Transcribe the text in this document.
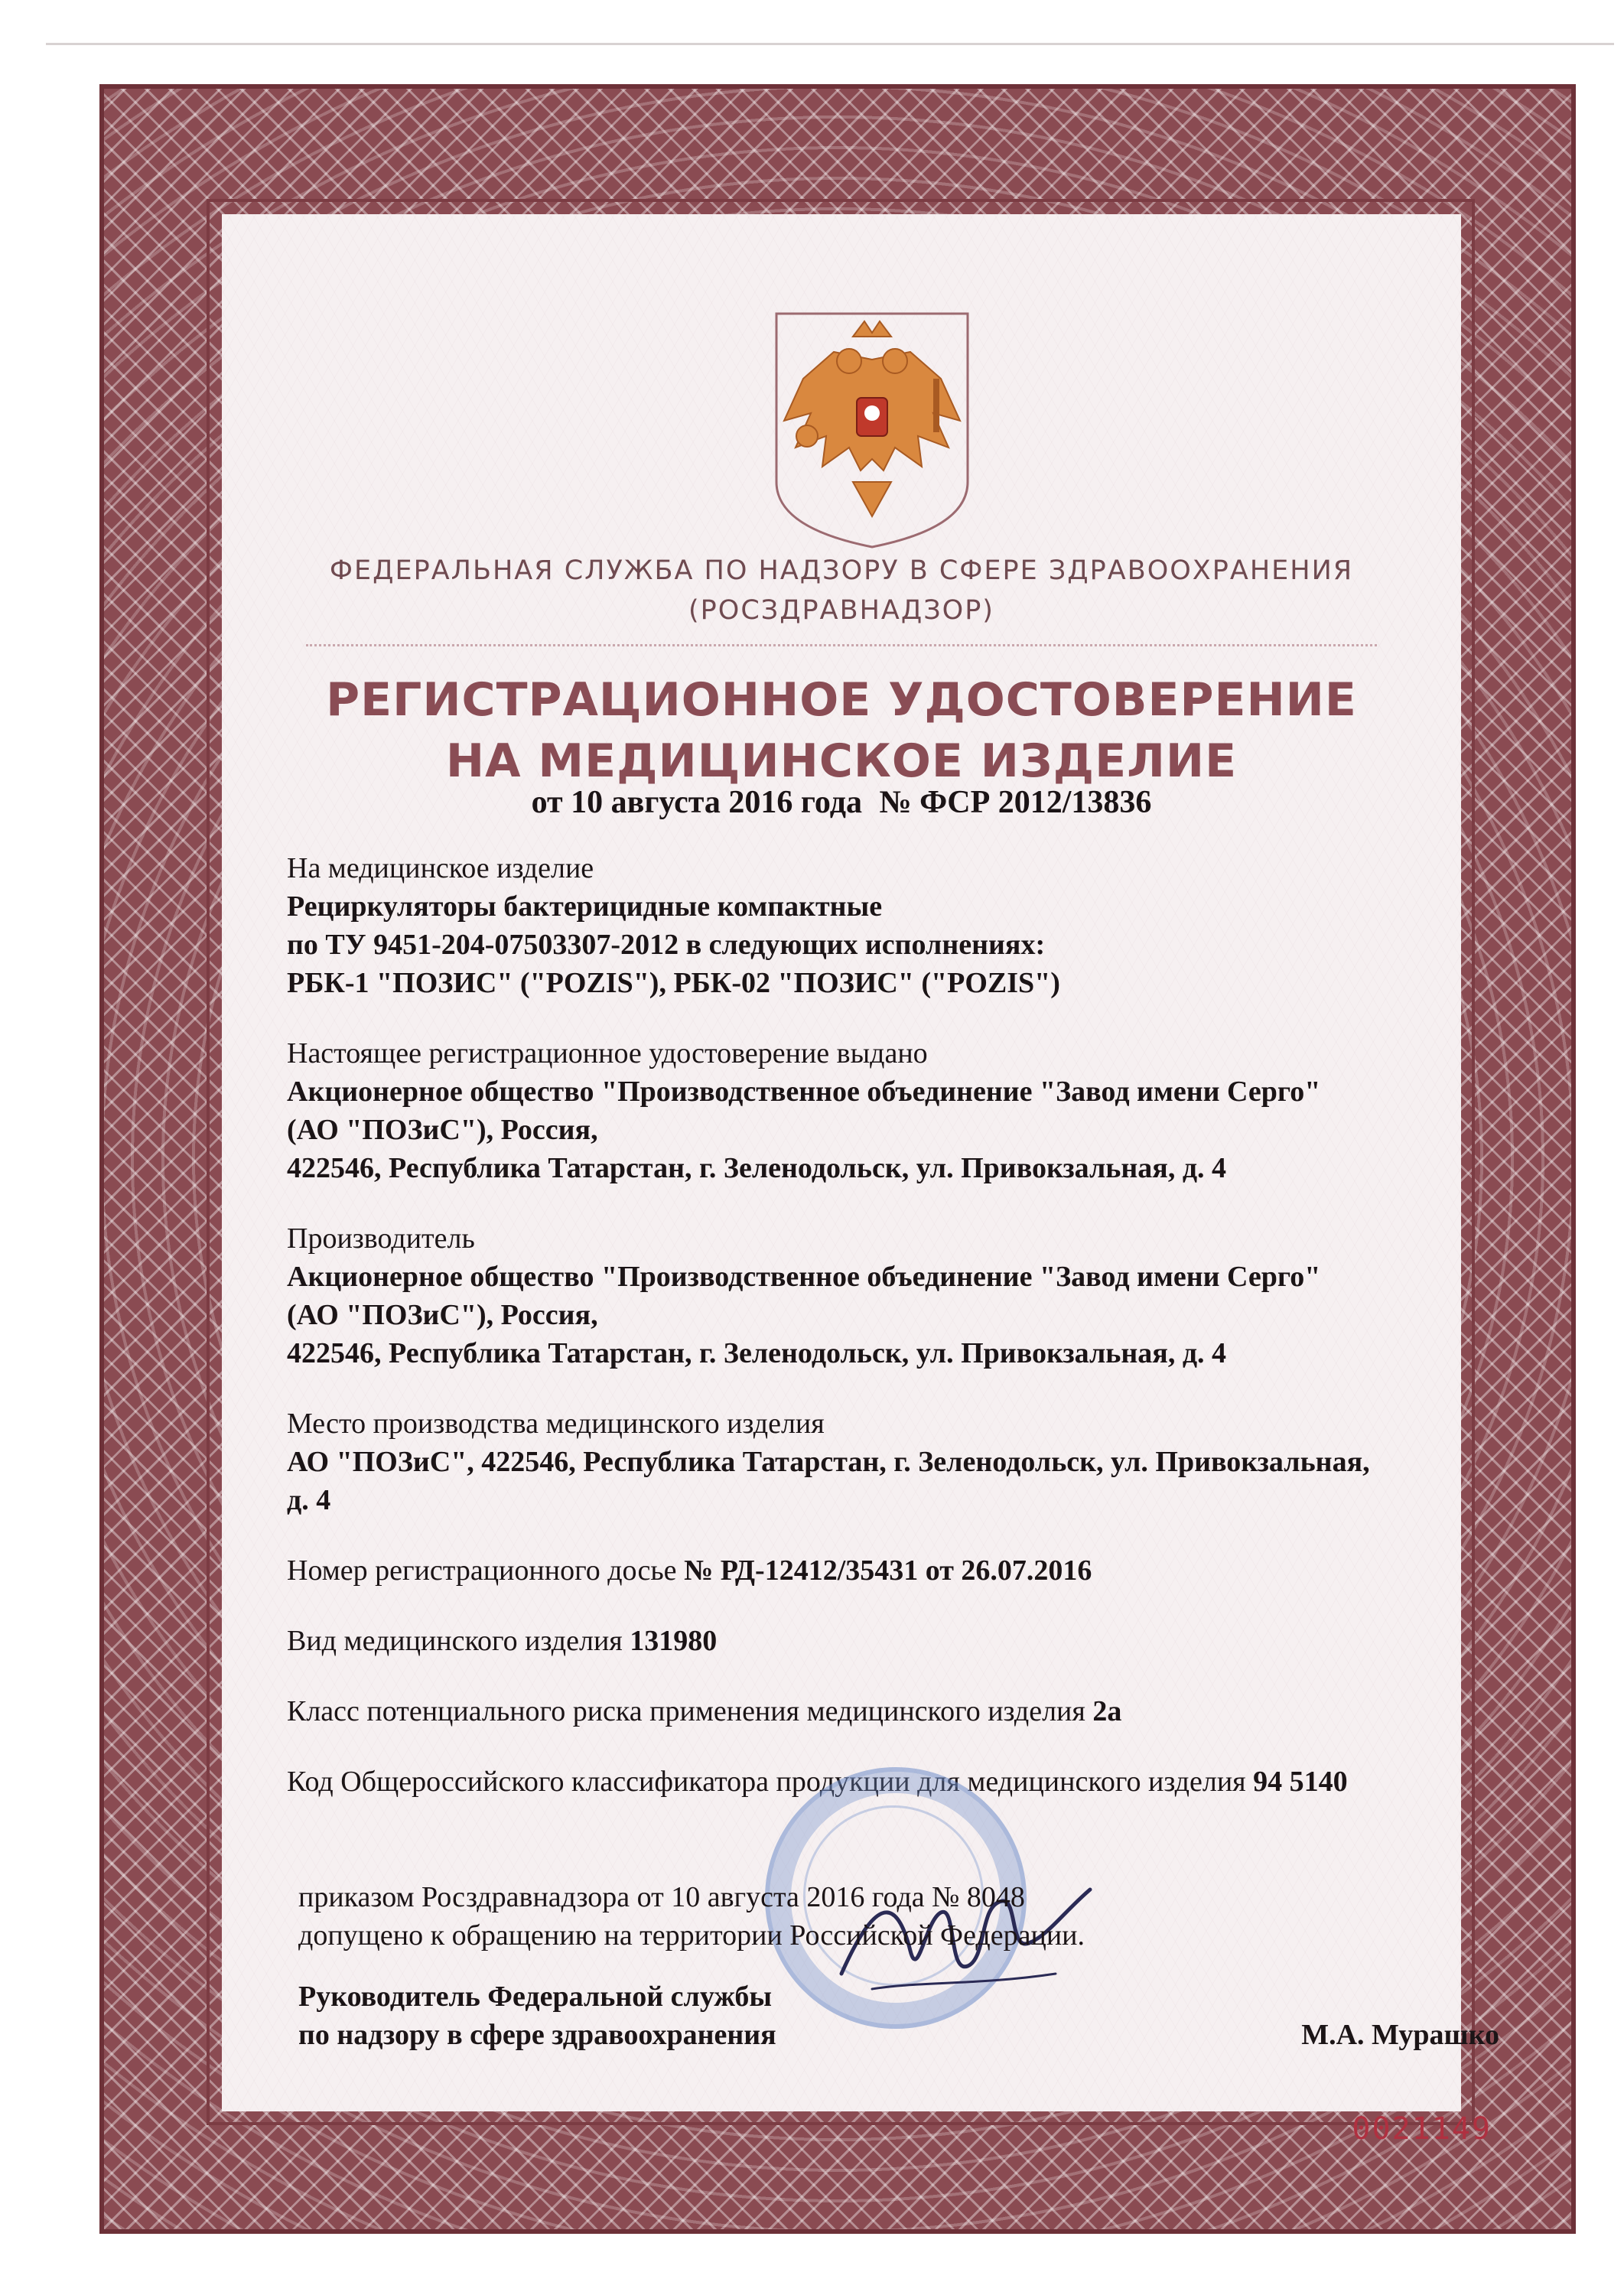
ФЕДЕРАЛЬНАЯ СЛУЖБА ПО НАДЗОРУ В СФЕРЕ ЗДРАВООХРАНЕНИЯ
(РОСЗДРАВНАДЗОР)
РЕГИСТРАЦИОННОЕ УДОСТОВЕРЕНИЕ
НА МЕДИЦИНСКОЕ ИЗДЕЛИЕ
от 10 августа 2016 года № ФСР 2012/13836
На медицинское изделие
Рециркуляторы бактерицидные компактные
по ТУ 9451-204-07503307-2012 в следующих исполнениях:
РБК-1 "ПОЗИС" ("POZIS"), РБК-02 "ПОЗИС" ("POZIS")
Настоящее регистрационное удостоверение выдано
Акционерное общество "Производственное объединение "Завод имени Серго"
(АО "ПОЗиС"), Россия,
422546, Республика Татарстан, г. Зеленодольск, ул. Привокзальная, д. 4
Производитель
Акционерное общество "Производственное объединение "Завод имени Серго"
(АО "ПОЗиС"), Россия,
422546, Республика Татарстан, г. Зеленодольск, ул. Привокзальная, д. 4
Место производства медицинского изделия
АО "ПОЗиС", 422546, Республика Татарстан, г. Зеленодольск, ул. Привокзальная,
д. 4
Номер регистрационного досье № РД-12412/35431 от 26.07.2016
Вид медицинского изделия 131980
Класс потенциального риска применения медицинского изделия 2а
Код Общероссийского классификатора продукции для медицинского изделия 94 5140
приказом Росздравнадзора от 10 августа 2016 года № 8048
допущено к обращению на территории Российской Федерации.
Руководитель Федеральной службы
по надзору в сфере здравоохранения	М.А. Мурашко
0021149
